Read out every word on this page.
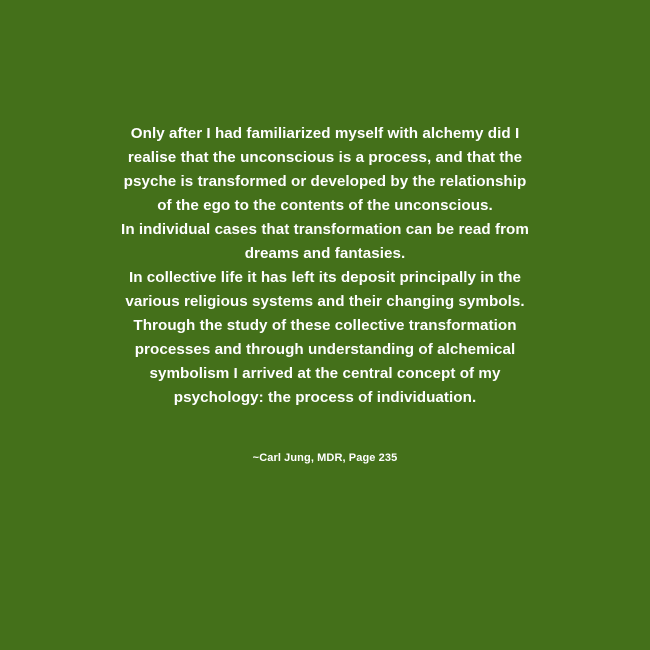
Only after I had familiarized myself with alchemy did I realise that the unconscious is a process, and that the psyche is transformed or developed by the relationship of the ego to the contents of the unconscious.

In individual cases that transformation can be read from dreams and fantasies.

In collective life it has left its deposit principally in the various religious systems and their changing symbols.

Through the study of these collective transformation processes and through understanding of alchemical symbolism I arrived at the central concept of my psychology: the process of individuation.

~Carl Jung, MDR, Page 235
